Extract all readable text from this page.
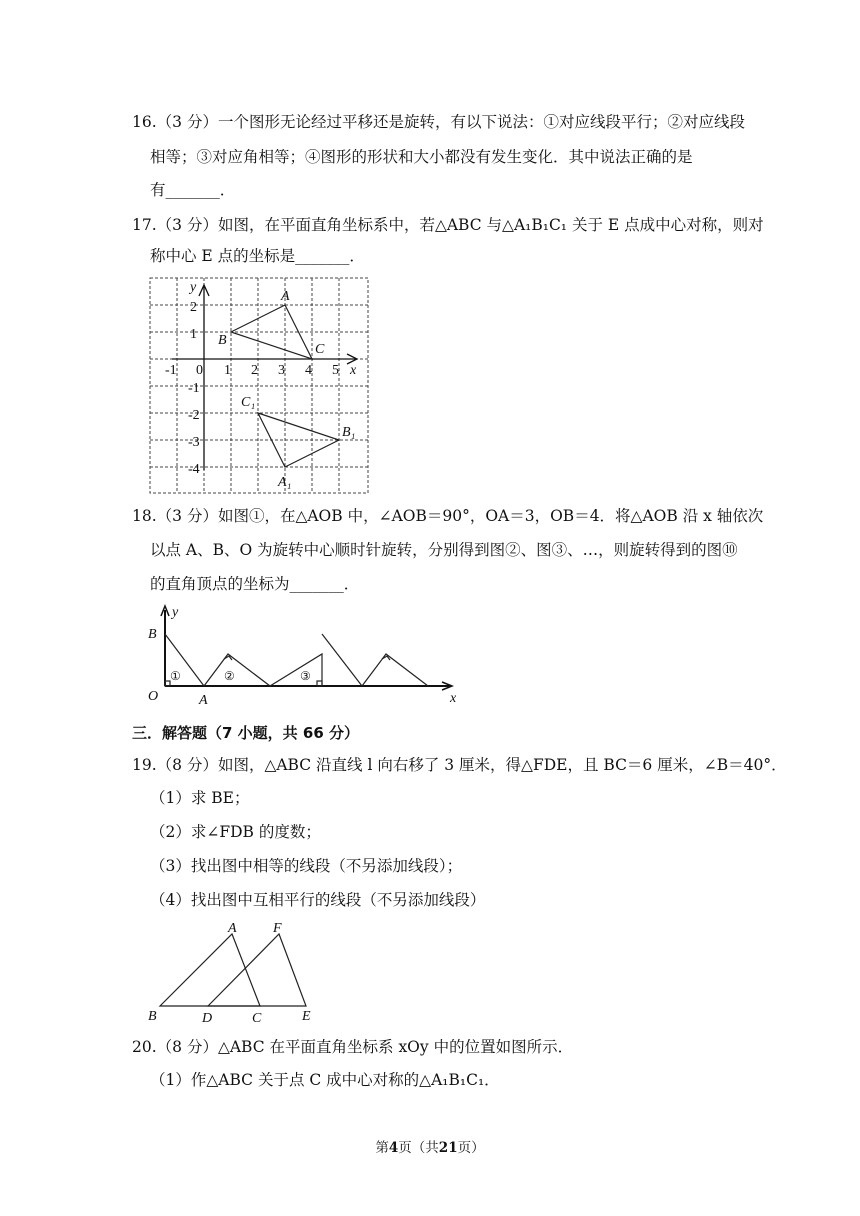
16.（3 分）一个图形无论经过平移还是旋转，有以下说法：①对应线段平行；②对应线段
相等；③对应角相等；④图形的形状和大小都没有发生变化．其中说法正确的是
有_______．
17.（3 分）如图，在平面直角坐标系中，若△ABC 与△A₁B₁C₁ 关于 E 点成中心对称，则对
称中心 E 点的坐标是_______．
-1 0 1 2 3 4 5
2
1
-1
-2
-3
-4
x
y
A
B
C
C₁
B₁
A₁
18.（3 分）如图①，在△AOB 中，∠AOB＝90°，OA＝3，OB＝4．将△AOB 沿 x 轴依次
以点 A、B、O 为旋转中心顺时针旋转，分别得到图②、图③、…，则旋转得到的图⑩
的直角顶点的坐标为_______．
y
x
B
O	A
①	②	③
三．解答题（7 小题，共 66 分）
19.（8 分）如图，△ABC 沿直线 l 向右移了 3 厘米，得△FDE，且 BC＝6 厘米，∠B＝40°．
（1）求 BE；
（2）求∠FDB 的度数；
（3）找出图中相等的线段（不另添加线段）；
（4）找出图中互相平行的线段（不另添加线段）
A	F
B	D	C	E
20.（8 分）△ABC 在平面直角坐标系 xOy 中的位置如图所示．
（1）作△ABC 关于点 C 成中心对称的△A₁B₁C₁．
第4页（共21页）
